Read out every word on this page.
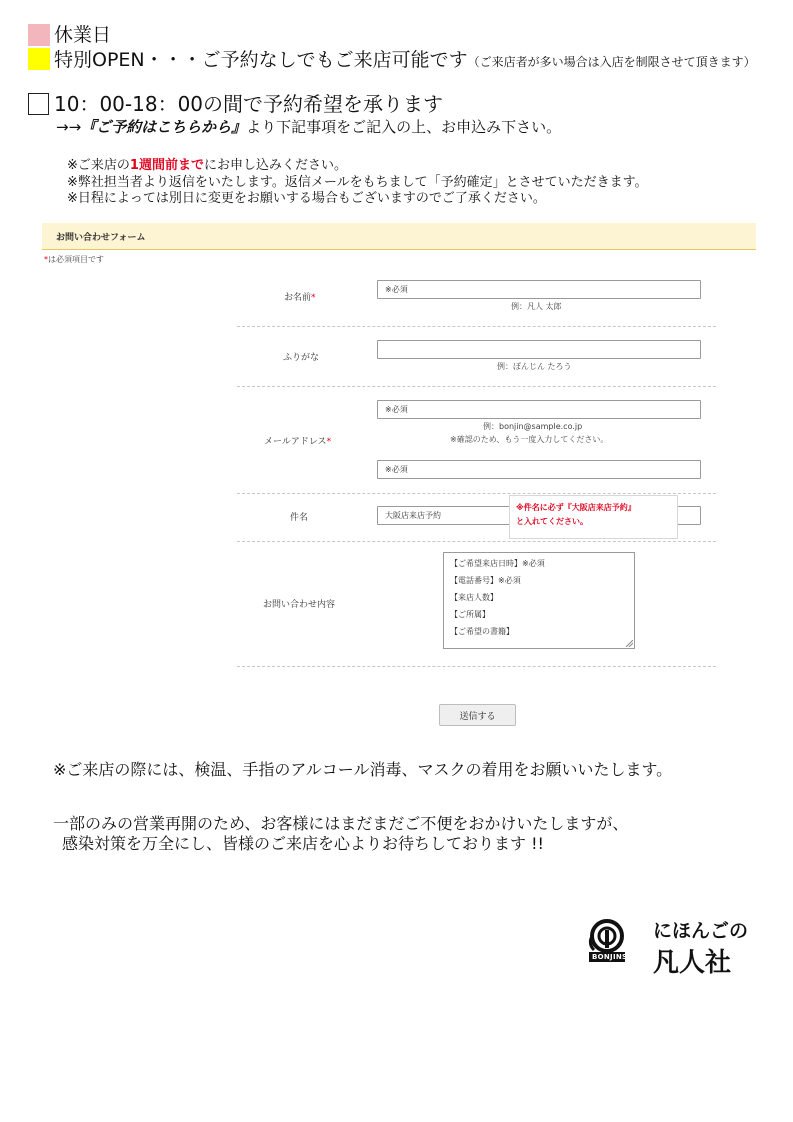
休業日
特別OPEN・・・ご予約なしでもご来店可能です（ご来店者が多い場合は入店を制限させて頂きます）
10：00-18：00の間で予約希望を承ります
→→『ご予約はこちらから』より下記事項をご記入の上、お申込み下さい。
※ご来店の1週間前までにお申し込みください。
※弊社担当者より返信をいたします。返信メールをもちまして「予約確定」とさせていただきます。
※日程によっては別日に変更をお願いする場合もございますのでご了承ください。
お問い合わせフォーム
*は必須項目です
お名前*
※必須
例：凡人 太郎
ふりがな
例：ぼんじん たろう
メールアドレス*
※必須
例：bonjin@sample.co.jp
※確認のため、もう一度入力してください。
※必須
件名	大阪店来店予約
※件名に必ず『大阪店来店予約』
と入れてください。
お問い合わせ内容
【ご希望来店日時】※必須
【電話番号】※必須
【来店人数】
【ご所属】
【ご希望の書籍】
送信する
※ご来店の際には、検温、手指のアルコール消毒、マスクの着用をお願いいたします。
一部のみの営業再開のため、お客様にはまだまだご不便をおかけいたしますが、
感染対策を万全にし、皆様のご来店を心よりお待ちしております !!
BONJINSHA
にほんごの
凡人社
